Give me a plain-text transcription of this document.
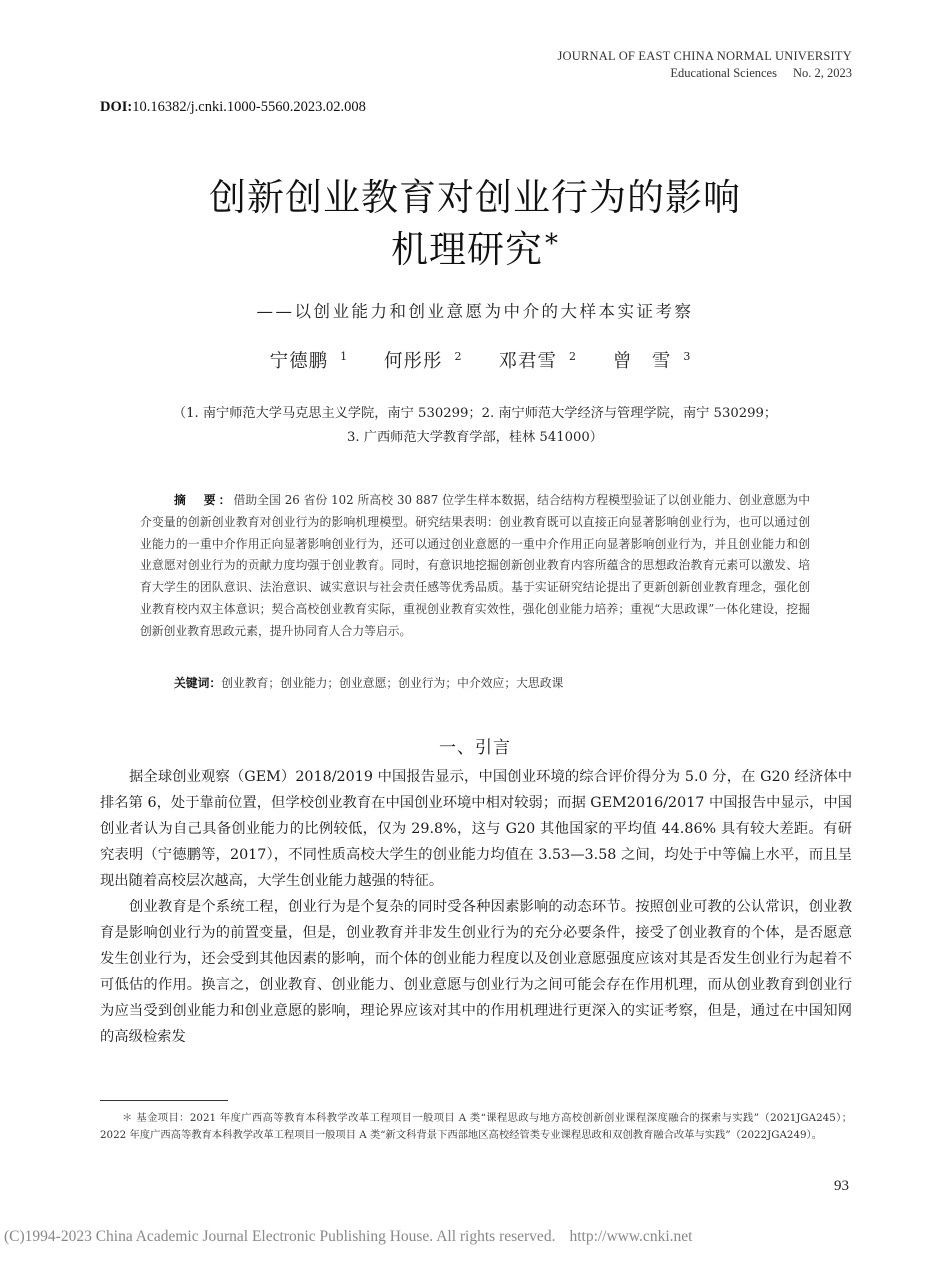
JOURNAL OF EAST CHINA NORMAL UNIVERSITY
Educational Sciences No. 2, 2023
DOI:10.16382/j.cnki.1000-5560.2023.02.008
创新创业教育对创业行为的影响
机理研究*
——以创业能力和创业意愿为中介的大样本实证考察
宁德鹏 $^1$ 何彤彤 $^2$ 邓君雪 $^2$ 曾　雪 $^3$
（1. 南宁师范大学马克思主义学院，南宁 530299；2. 南宁师范大学经济与管理学院，南宁 530299；
3. 广西师范大学教育学部，桂林 541000）
摘　要：借助全国 26 省份 102 所高校 30 887 位学生样本数据，结合结构方程模型验证了以创业能力、创业意愿为中介变量的创新创业教育对创业行为的影响机理模型。研究结果表明：创业教育既可以直接正向显著影响创业行为，也可以通过创业能力的一重中介作用正向显著影响创业行为，还可以通过创业意愿的一重中介作用正向显著影响创业行为，并且创业能力和创业意愿对创业行为的贡献力度均强于创业教育。同时，有意识地挖掘创新创业教育内容所蕴含的思想政治教育元素可以激发、培育大学生的团队意识、法治意识、诚实意识与社会责任感等优秀品质。基于实证研究结论提出了更新创新创业教育理念，强化创业教育校内双主体意识；契合高校创业教育实际，重视创业教育实效性，强化创业能力培养；重视“大思政课”一体化建设，挖掘创新创业教育思政元素，提升协同育人合力等启示。
关键词：创业教育；创业能力；创业意愿；创业行为；中介效应；大思政课
一、引言

据全球创业观察（GEM）2018/2019 中国报告显示，中国创业环境的综合评价得分为 5.0 分，在 G20 经济体中排名第 6，处于靠前位置，但学校创业教育在中国创业环境中相对较弱；而据 GEM2016/2017 中国报告中显示，中国创业者认为自己具备创业能力的比例较低，仅为 29.8%，这与 G20 其他国家的平均值 44.86% 具有较大差距。有研究表明（宁德鹏等，2017），不同性质高校大学生的创业能力均值在 3.53—3.58 之间，均处于中等偏上水平，而且呈现出随着高校层次越高，大学生创业能力越强的特征。

创业教育是个系统工程，创业行为是个复杂的同时受各种因素影响的动态环节。按照创业可教的公认常识，创业教育是影响创业行为的前置变量，但是，创业教育并非发生创业行为的充分必要条件，接受了创业教育的个体，是否愿意发生创业行为，还会受到其他因素的影响，而个体的创业能力程度以及创业意愿强度应该对其是否发生创业行为起着不可低估的作用。换言之，创业教育、创业能力、创业意愿与创业行为之间可能会存在作用机理，而从创业教育到创业行为应当受到创业能力和创业意愿的影响，理论界应该对其中的作用机理进行更深入的实证考察，但是，通过在中国知网的高级检索发

＊ 基金项目：2021 年度广西高等教育本科教学改革工程项目一般项目 A 类“课程思政与地方高校创新创业课程深度融合的探索与实践”（2021JGA245）；2022 年度广西高等教育本科教学改革工程项目一般项目 A 类“新文科背景下西部地区高校经管类专业课程思政和双创教育融合改革与实践”（2022JGA249）。
93
(C)1994-2023 China Academic Journal Electronic Publishing House. All rights reserved. http://www.cnki.net
